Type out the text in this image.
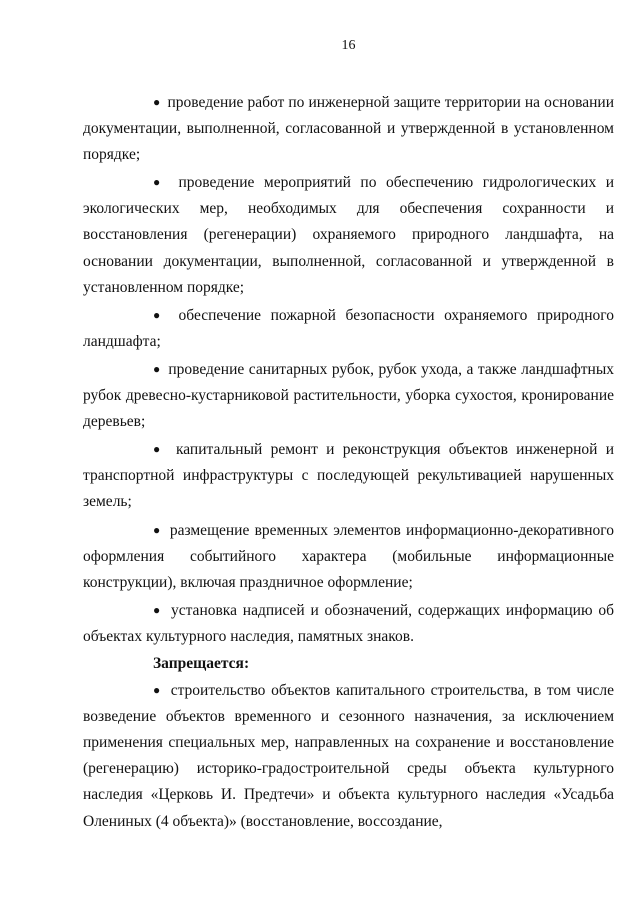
16

● проведение работ по инженерной защите территории на основании документации, выполненной, согласованной и утвержденной в установленном порядке;

● проведение мероприятий по обеспечению гидрологических и экологических мер, необходимых для обеспечения сохранности и восстановления (регенерации) охраняемого природного ландшафта, на основании документации, выполненной, согласованной и утвержденной в установленном порядке;

● обеспечение пожарной безопасности охраняемого природного ландшафта;

● проведение санитарных рубок, рубок ухода, а также ландшафтных рубок древесно-кустарниковой растительности, уборка сухостоя, кронирование деревьев;

● капитальный ремонт и реконструкция объектов инженерной и транспортной инфраструктуры с последующей рекультивацией нарушенных земель;

● размещение временных элементов информационно-декоративного оформления событийного характера (мобильные информационные конструкции), включая праздничное оформление;

● установка надписей и обозначений, содержащих информацию об объектах культурного наследия, памятных знаков.

Запрещается:

● строительство объектов капитального строительства, в том числе возведение объектов временного и сезонного назначения, за исключением применения специальных мер, направленных на сохранение и восстановление (регенерацию) историко-градостроительной среды объекта культурного наследия «Церковь И. Предтечи» и объекта культурного наследия «Усадьба Олениных (4 объекта)» (восстановление, воссоздание,
